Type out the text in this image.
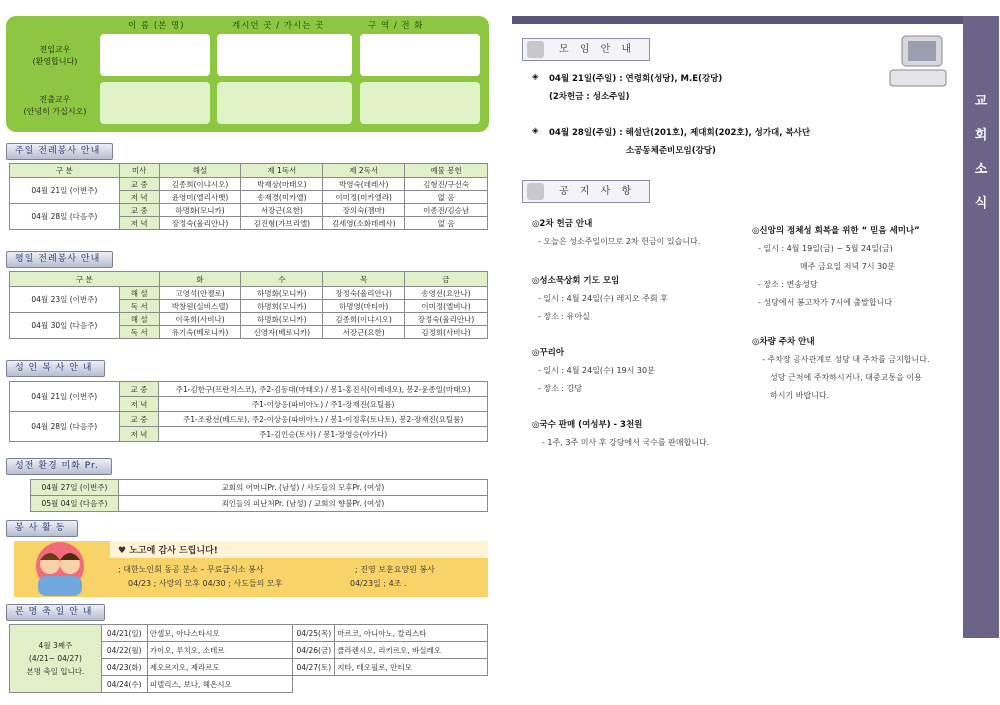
이 름 (본 명)	계시던 곳 / 가시는 곳	구 역 / 전 화
전입교우
(환영합니다)
전출교우
(안녕히 가십시오)
주일 전례봉사 안내
구 분	미사	해설	제 1독서	제 2독서	예물 봉헌
04월 21일 (이번주)	교 중	김종희(이냐시오)	박재상(마태오)	박영숙(데레사)	김형진/구선숙
	저 녁	윤영미(엘리사벳)	송재경(미카엘)	이미정(미카엘라)	없 음
04월 28일 (다음주)	교 중	하명화(모니카)	서장근(요한)	장의숙(젬마)	이종진/김승남
	저 녁	장정숙(율리안나)	김진형(가브리엘)	김세영(소화데레사)	없 음
평일 전례봉사 안내
구 분		화	수	목	금
04월 23일 (이번주)	해 설	고영석(안젤로)	하명화(모니카)	장정숙(율리안나)	송영선(요안나)
	독 서	박창원(실비스텔)	하명희(모니카)	하명영(마티아)	이미정(엘비나)
04월 30일 (다음주)	해 설	이옥희(사비나)	하명화(모니카)	김종희(이냐시오)	장정숙(율리안나)
	독 서	유기숙(베로니카)	신영자(베로니카)	서장근(요한)	김정희(사비나)
성 인 복 사 안 내
04월 21일 (이번주)	교 중	주1-김한구(프란치스코), 주2-김동대(마태오) / 봉1-홍진식(이레네오), 봉2-윤종일(마태오)
	저 녁	주1-이상응(파비아노) / 주1-장재진(요틸룸)
04월 28일 (다음주)	교 중	주1-조광선(베드로), 주2-이상응(파비아노) / 봉1-이정후(토나토), 봉2-장재진(요틸룸)
	저 녁	주1-김인승(토사) / 봉1-장영승(아가다)
성전 환경 미화 Pr.
04월 27일 (이번주)	교회의 어머니Pr. (남성) / 사도들의 모후Pr. (여성)
05월 04일 (다음주)	죄인들의 피난처Pr. (남성) / 교회의 향불Pr. (여성)
봉 사 활 동
♥ 노고에 감사 드립니다!
; 대한노인회 동공 분소 – 무료급식소 봉사	; 진영 보훈요양원 봉사
04/23 ; 사랑의 모후 04/30 ; 사도들의 모후	04/23일 ; 4조 .
본 명 축 일 안 내
4월 3째주
(4/21~ 04/27)
본명 축일 입니다.	04/21(일)	안셀모, 아나스타시오	04/25(목)	마르코, 아니아노, 칼리스타
	04/22(월)	가이오, 루치오, 소테르	04/26(금)	클라렌시오, 리키르오, 바실레오
	04/23(화)	제오르지오, 제라르도	04/27(토)	지타, 테오필로, 안티모
	04/24(수)	피델리스, 보나, 헤온시오		
교
회
소
식
모 임 안 내
◈ 04월 21일(주일) : 연령회(성당), M.E(강당)
(2차헌금 : 성소주일)
◈ 04월 28일(주일) : 해설단(201호), 제대회(202호), 성가대, 복사단
소공동체준비모임(강당)
공 지 사 항
◎2차 헌금 안내
- 오늘은 성소주일이므로 2차 헌금이 있습니다.
◎성소묵상회 기도 모임
- 일시 : 4월 24일(수) 레지오 주회 후
- 장소 : 유아실
◎꾸리아
- 일시 : 4월 24일(수) 19시 30분
- 장소 : 강당
◎국수 판매 (여성부) - 3천원
- 1주, 3주 미사 후 강당에서 국수를 판매합니다.
◎신앙의 정체성 회복을 위한 “ 믿음 세미나”
- 일시 : 4월 19일(금) ~ 5월 24일(금)
매주 금요일 저녁 7시 30분
- 장소 : 변송성당
- 성당에서 봉고차가 7시에 출발합니다
◎차량 주차 안내
- 주차장 공사관계로 성당 내 주차를 금지합니다.
성당 근처에 주차하시거나, 대중교통을 이용
하시기 바랍니다.
